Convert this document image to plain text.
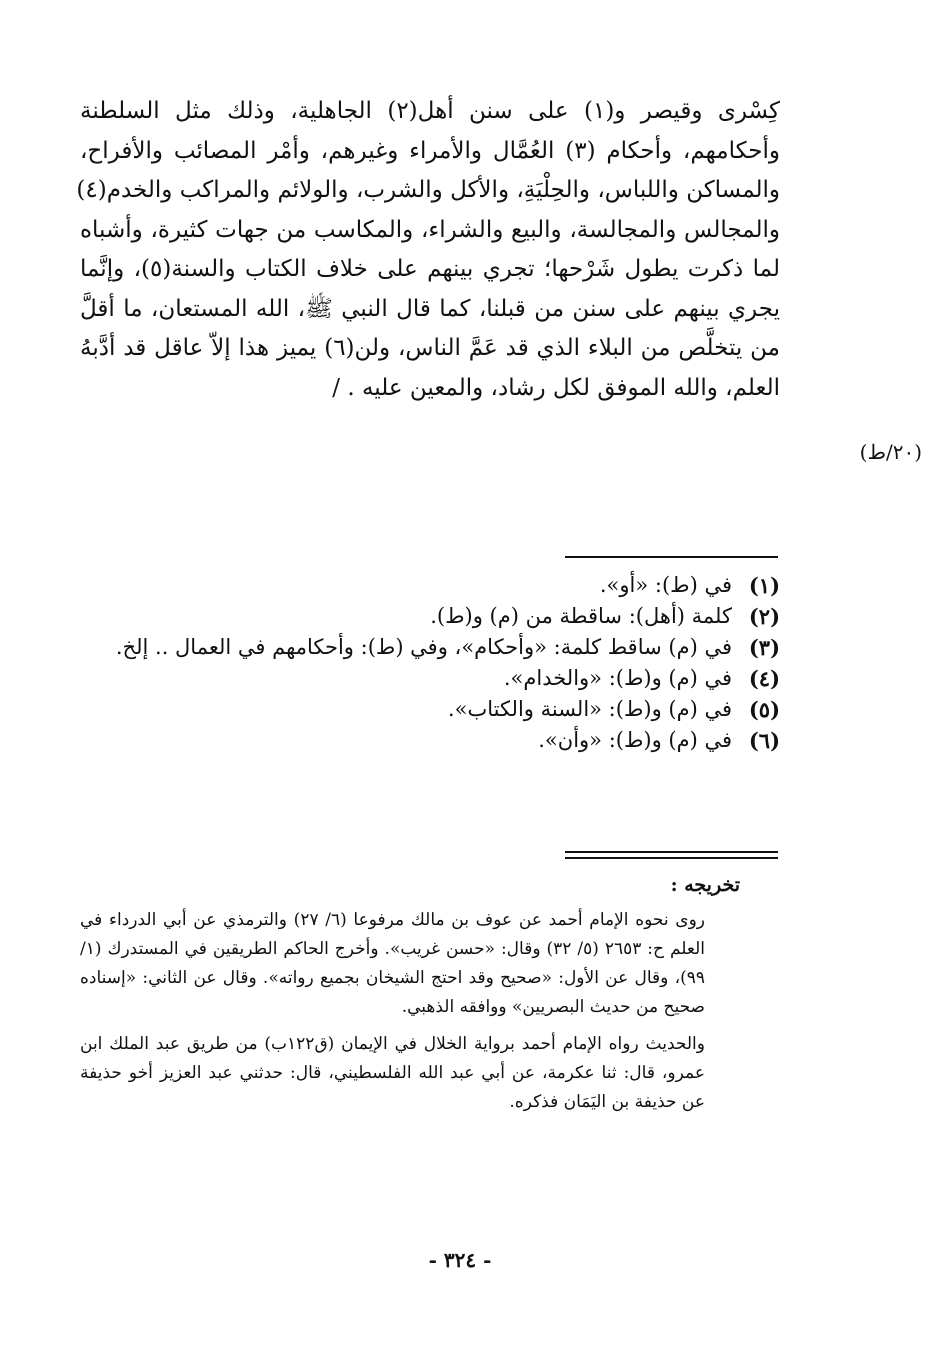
كِسْرى وقيصر و(١) على سنن أهل(٢) الجاهلية، وذلك مثل السلطنة
وأحكامهم، وأحكام (٣) العُمَّال والأمراء وغيرهم، وأمْر المصائب والأفراح،
والمساكن واللباس، والحِلْيَةِ، والأكل والشرب، والولائم والمراكب والخدم(٤)
والمجالس والمجالسة، والبيع والشراء، والمكاسب من جهات كثيرة، وأشباه
لما ذكرت يطول شَرْحها؛ تجري بينهم على خلاف الكتاب والسنة(٥)، وإنَّما
يجري بينهم على سنن من قبلنا، كما قال النبي ﷺ، الله المستعان، ما أقلَّ
من يتخلَّص من البلاء الذي قد عَمَّ الناس، ولن(٦) يميز هذا إلاّ عاقل قد أدَّبهُ
العلم، والله الموفق لكل رشاد، والمعين عليه . /
(٢٠/ط)
(١)
في (ط): «أو».
(٢)
كلمة (أهل): ساقطة من (م) و(ط).
(٣)
في (م) ساقط كلمة: «وأحكام»، وفي (ط): وأحكامهم في العمال .. إلخ.
(٤)
في (م) و(ط): «والخدام».
(٥)
في (م) و(ط): «السنة والكتاب».
(٦)
في (م) و(ط): «وأن».
تخريجه :

روى نحوه الإمام أحمد عن عوف بن مالك مرفوعا (٦/ ٢٧) والترمذي عن أبي الدرداء في العلم ح: ٢٦٥٣ (٥/ ٣٢) وقال: «حسن غريب». وأخرج الحاكم الطريقين في المستدرك (١/ ٩٩)، وقال عن الأول: «صحيح وقد احتج الشيخان بجميع رواته». وقال عن الثاني: «إسناده صحيح من حديث البصريين» ووافقه الذهبي.

والحديث رواه الإمام أحمد برواية الخلال في الإيمان (ق١٢٢ب) من طريق عبد الملك ابن عمرو، قال: ثنا عكرمة، عن أبي عبد الله الفلسطيني، قال: حدثني عبد العزيز أخو حذيفة عن حذيفة بن اليَمَان فذكره.

- ٣٢٤ -
